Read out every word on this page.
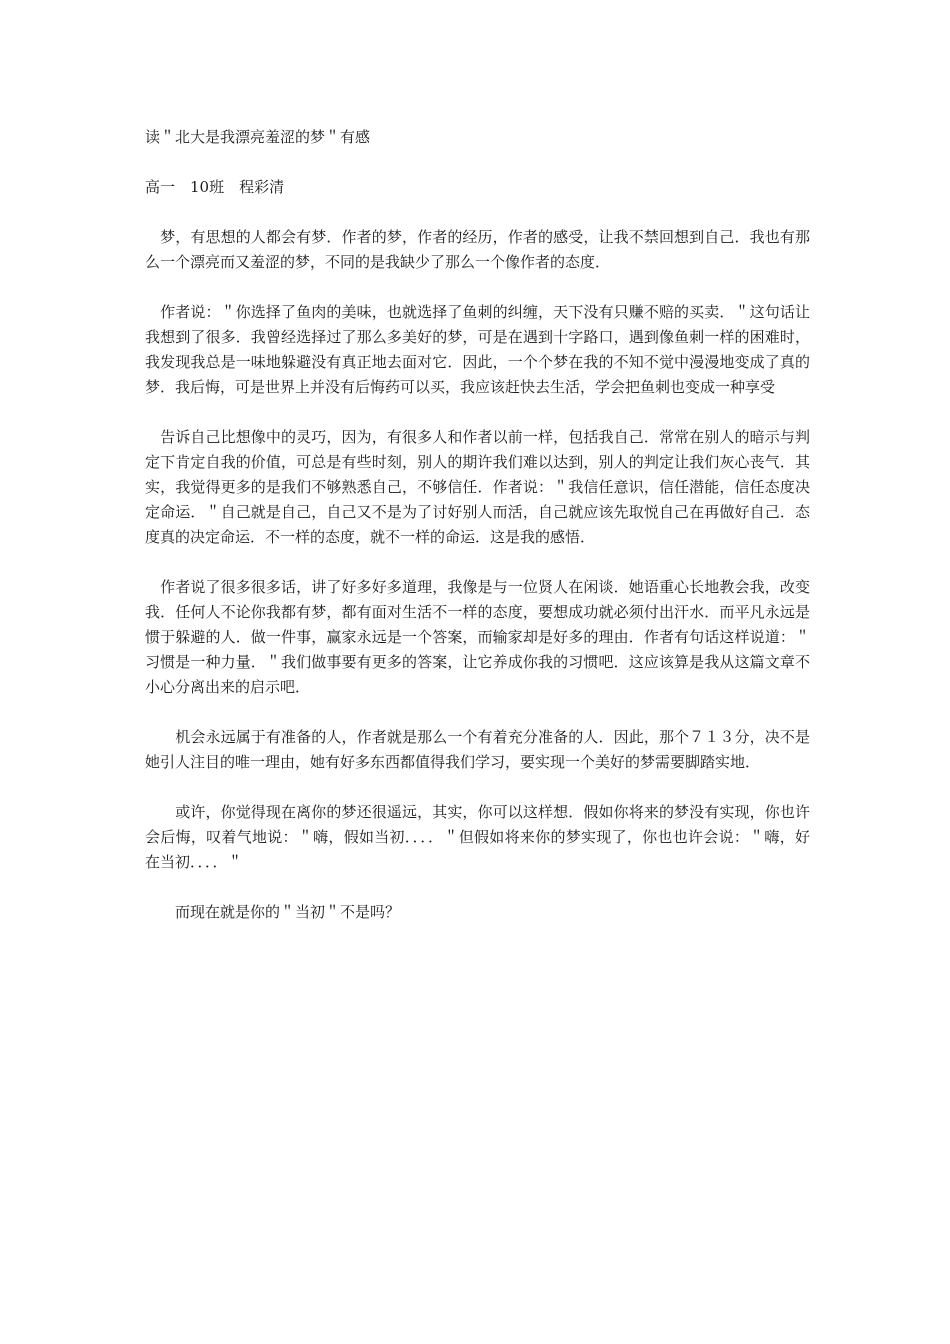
读＂北大是我漂亮羞涩的梦＂有感

高一　10班　程彩清

　梦，有思想的人都会有梦．作者的梦，作者的经历，作者的感受，让我不禁回想到自己．我也有那么一个漂亮而又羞涩的梦，不同的是我缺少了那么一个像作者的态度．

　作者说：＂你选择了鱼肉的美味，也就选择了鱼刺的纠缠，天下没有只赚不赔的买卖．＂这句话让我想到了很多．我曾经选择过了那么多美好的梦，可是在遇到十字路口，遇到像鱼刺一样的困难时，我发现我总是一味地躲避没有真正地去面对它．因此，一个个梦在我的不知不觉中漫漫地变成了真的梦．我后悔，可是世界上并没有后悔药可以买，我应该赶快去生活，学会把鱼刺也变成一种享受

　告诉自己比想像中的灵巧，因为，有很多人和作者以前一样，包括我自己．常常在别人的暗示与判定下肯定自我的价值，可总是有些时刻，别人的期许我们难以达到，别人的判定让我们灰心丧气．其实，我觉得更多的是我们不够熟悉自己，不够信任．作者说：＂我信任意识，信任潜能，信任态度决定命运．＂自己就是自己，自己又不是为了讨好别人而活，自己就应该先取悦自己在再做好自己．态度真的决定命运．不一样的态度，就不一样的命运．这是我的感悟．

　作者说了很多很多话，讲了好多好多道理，我像是与一位贤人在闲谈．她语重心长地教会我，改变我．任何人不论你我都有梦，都有面对生活不一样的态度，要想成功就必须付出汗水．而平凡永远是惯于躲避的人．做一件事，赢家永远是一个答案，而输家却是好多的理由．作者有句话这样说道：＂习惯是一种力量．＂我们做事要有更多的答案，让它养成你我的习惯吧．这应该算是我从这篇文章不小心分离出来的启示吧．

　　机会永远属于有准备的人，作者就是那么一个有着充分准备的人．因此，那个７１３分，决不是她引人注目的唯一理由，她有好多东西都值得我们学习，要实现一个美好的梦需要脚踏实地．

　　或许，你觉得现在离你的梦还很遥远，其实，你可以这样想．假如你将来的梦没有实现，你也许会后悔，叹着气地说：＂嗨，假如当初．．．．＂但假如将来你的梦实现了，你也也许会说：＂嗨，好在当初．．．．＂

　　而现在就是你的＂当初＂不是吗？
